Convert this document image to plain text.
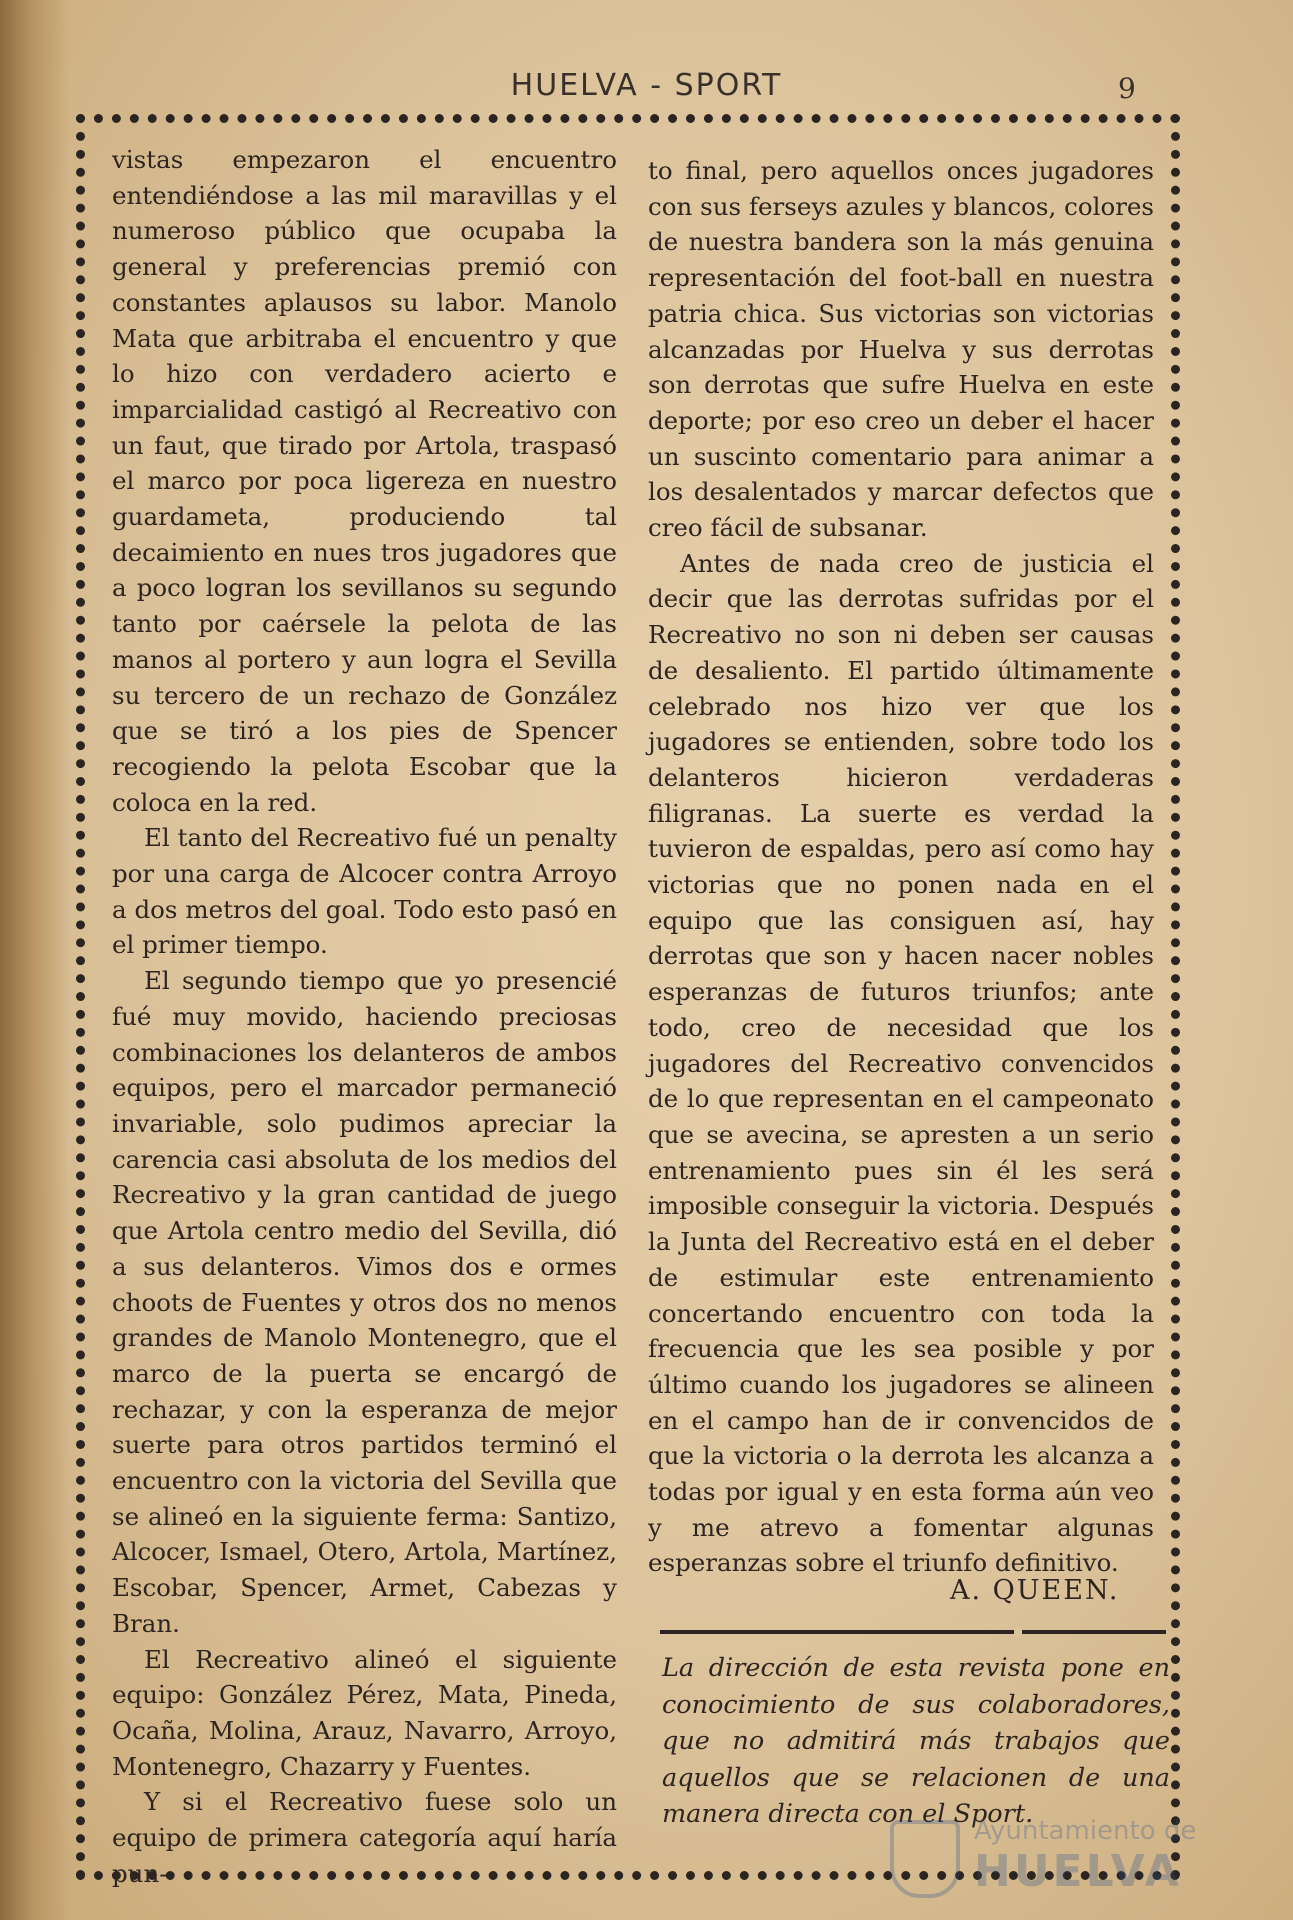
HUELVA - SPORT	9

vistas empezaron el encuentro entendiéndose a las mil maravillas y el numeroso público que ocupaba la general y preferencias premió con constantes aplausos su labor. Manolo Mata que arbitraba el encuentro y que lo hizo con verdadero acierto e imparcialidad castigó al Recreativo con un faut, que tirado por Artola, traspasó el marco por poca ligereza en nuestro guardameta, produciendo tal decaimiento en nues tros jugadores que a poco logran los sevillanos su segundo tanto por caérsele la pelota de las manos al portero y aun logra el Sevilla su tercero de un rechazo de González que se tiró a los pies de Spencer recogiendo la pelota Escobar que la coloca en la red.

El tanto del Recreativo fué un penalty por una carga de Alcocer contra Arroyo a dos metros del goal. Todo esto pasó en el primer tiempo.

El segundo tiempo que yo presencié fué muy movido, haciendo preciosas combinaciones los delanteros de ambos equipos, pero el marcador permaneció invariable, solo pudimos apreciar la carencia casi absoluta de los medios del Recreativo y la gran cantidad de juego que Artola centro medio del Sevilla, dió a sus delanteros. Vimos dos e ormes choots de Fuentes y otros dos no menos grandes de Manolo Montenegro, que el marco de la puerta se encargó de rechazar, y con la esperanza de mejor suerte para otros partidos terminó el encuentro con la victoria del Sevilla que se alineó en la siguiente ferma: Santizo, Alcocer, Ismael, Otero, Artola, Martínez, Escobar, Spencer, Armet, Cabezas y Bran.

El Recreativo alineó el siguiente equipo: González Pérez, Mata, Pineda, Ocaña, Molina, Arauz, Navarro, Arroyo, Montenegro, Chazarry y Fuentes.

Y si el Recreativo fuese solo un equipo de primera categoría aquí haría pun-

to final, pero aquellos onces jugadores con sus ferseys azules y blancos, colores de nuestra bandera son la más genuina representación del foot-ball en nuestra patria chica. Sus victorias son victorias alcanzadas por Huelva y sus derrotas son derrotas que sufre Huelva en este deporte; por eso creo un deber el hacer un suscinto comentario para animar a los desalentados y marcar defectos que creo fácil de subsanar.

Antes de nada creo de justicia el decir que las derrotas sufridas por el Recreativo no son ni deben ser causas de desaliento. El partido últimamente celebrado nos hizo ver que los jugadores se entienden, sobre todo los delanteros hicieron verdaderas filigranas. La suerte es verdad la tuvieron de espaldas, pero así como hay victorias que no ponen nada en el equipo que las consiguen así, hay derrotas que son y hacen nacer nobles esperanzas de futuros triunfos; ante todo, creo de necesidad que los jugadores del Recreativo convencidos de lo que representan en el campeonato que se avecina, se apresten a un serio entrenamiento pues sin él les será imposible conseguir la victoria. Después la Junta del Recreativo está en el deber de estimular este entrenamiento concertando encuentro con toda la frecuencia que les sea posible y por último cuando los jugadores se alineen en el campo han de ir convencidos de que la victoria o la derrota les alcanza a todas por igual y en esta forma aún veo y me atrevo a fomentar algunas esperanzas sobre el triunfo definitivo.

A. QUEEN.
La dirección de esta revista pone en conocimiento de sus colaboradores, que no admitirá más trabajos que aquellos que se relacionen de una manera directa con el Sport.
Ayuntamiento de
HUELVA
